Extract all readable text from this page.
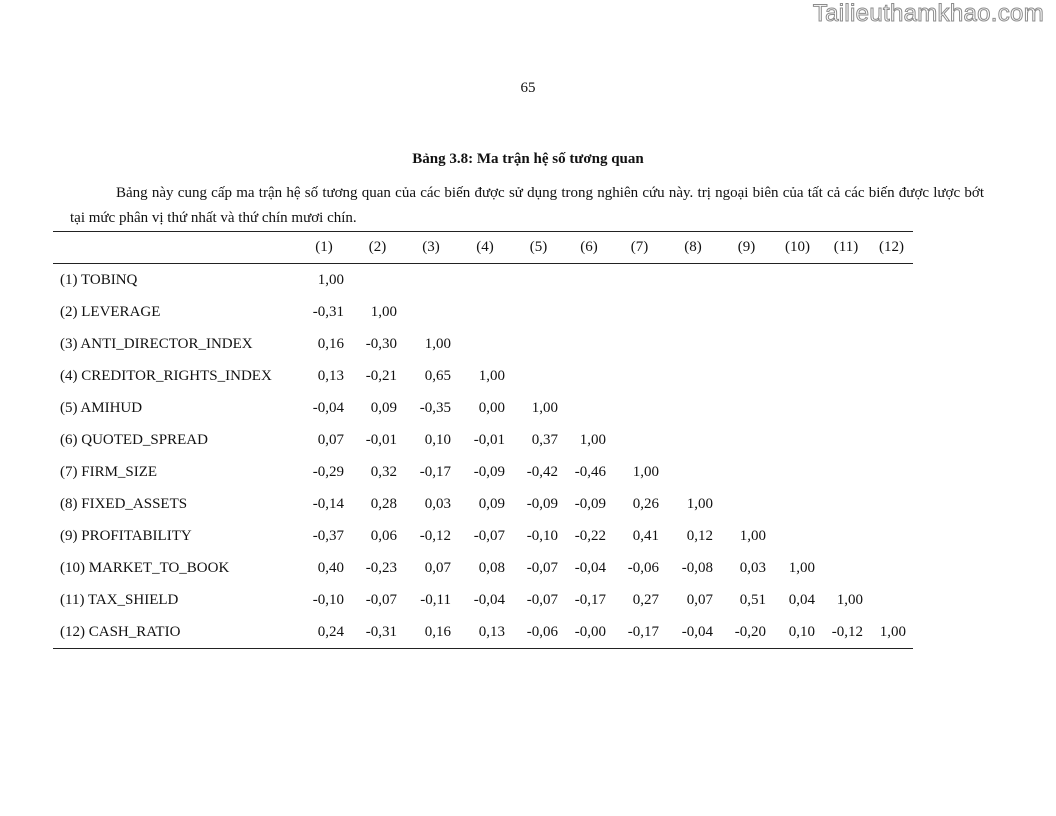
Tailieuthamkhao.com
65
Bảng 3.8: Ma trận hệ số tương quan
Bảng này cung cấp ma trận hệ số tương quan của các biến được sử dụng trong nghiên cứu này. trị ngoại biên của tất cả các biến được lược bớt tại mức phân vị thứ nhất và thứ chín mươi chín.
	(1)	(2)	(3)	(4)	(5)	(6)	(7)	(8)	(9)	(10)	(11)	(12)
(1) TOBINQ	1,00											
(2) LEVERAGE	-0,31	1,00										
(3) ANTI_DIRECTOR_INDEX	0,16	-0,30	1,00									
(4) CREDITOR_RIGHTS_INDEX	0,13	-0,21	0,65	1,00								
(5) AMIHUD	-0,04	0,09	-0,35	0,00	1,00							
(6) QUOTED_SPREAD	0,07	-0,01	0,10	-0,01	0,37	1,00						
(7) FIRM_SIZE	-0,29	0,32	-0,17	-0,09	-0,42	-0,46	1,00					
(8) FIXED_ASSETS	-0,14	0,28	0,03	0,09	-0,09	-0,09	0,26	1,00				
(9) PROFITABILITY	-0,37	0,06	-0,12	-0,07	-0,10	-0,22	0,41	0,12	1,00			
(10) MARKET_TO_BOOK	0,40	-0,23	0,07	0,08	-0,07	-0,04	-0,06	-0,08	0,03	1,00		
(11) TAX_SHIELD	-0,10	-0,07	-0,11	-0,04	-0,07	-0,17	0,27	0,07	0,51	0,04	1,00	
(12) CASH_RATIO	0,24	-0,31	0,16	0,13	-0,06	-0,00	-0,17	-0,04	-0,20	0,10	-0,12	1,00
